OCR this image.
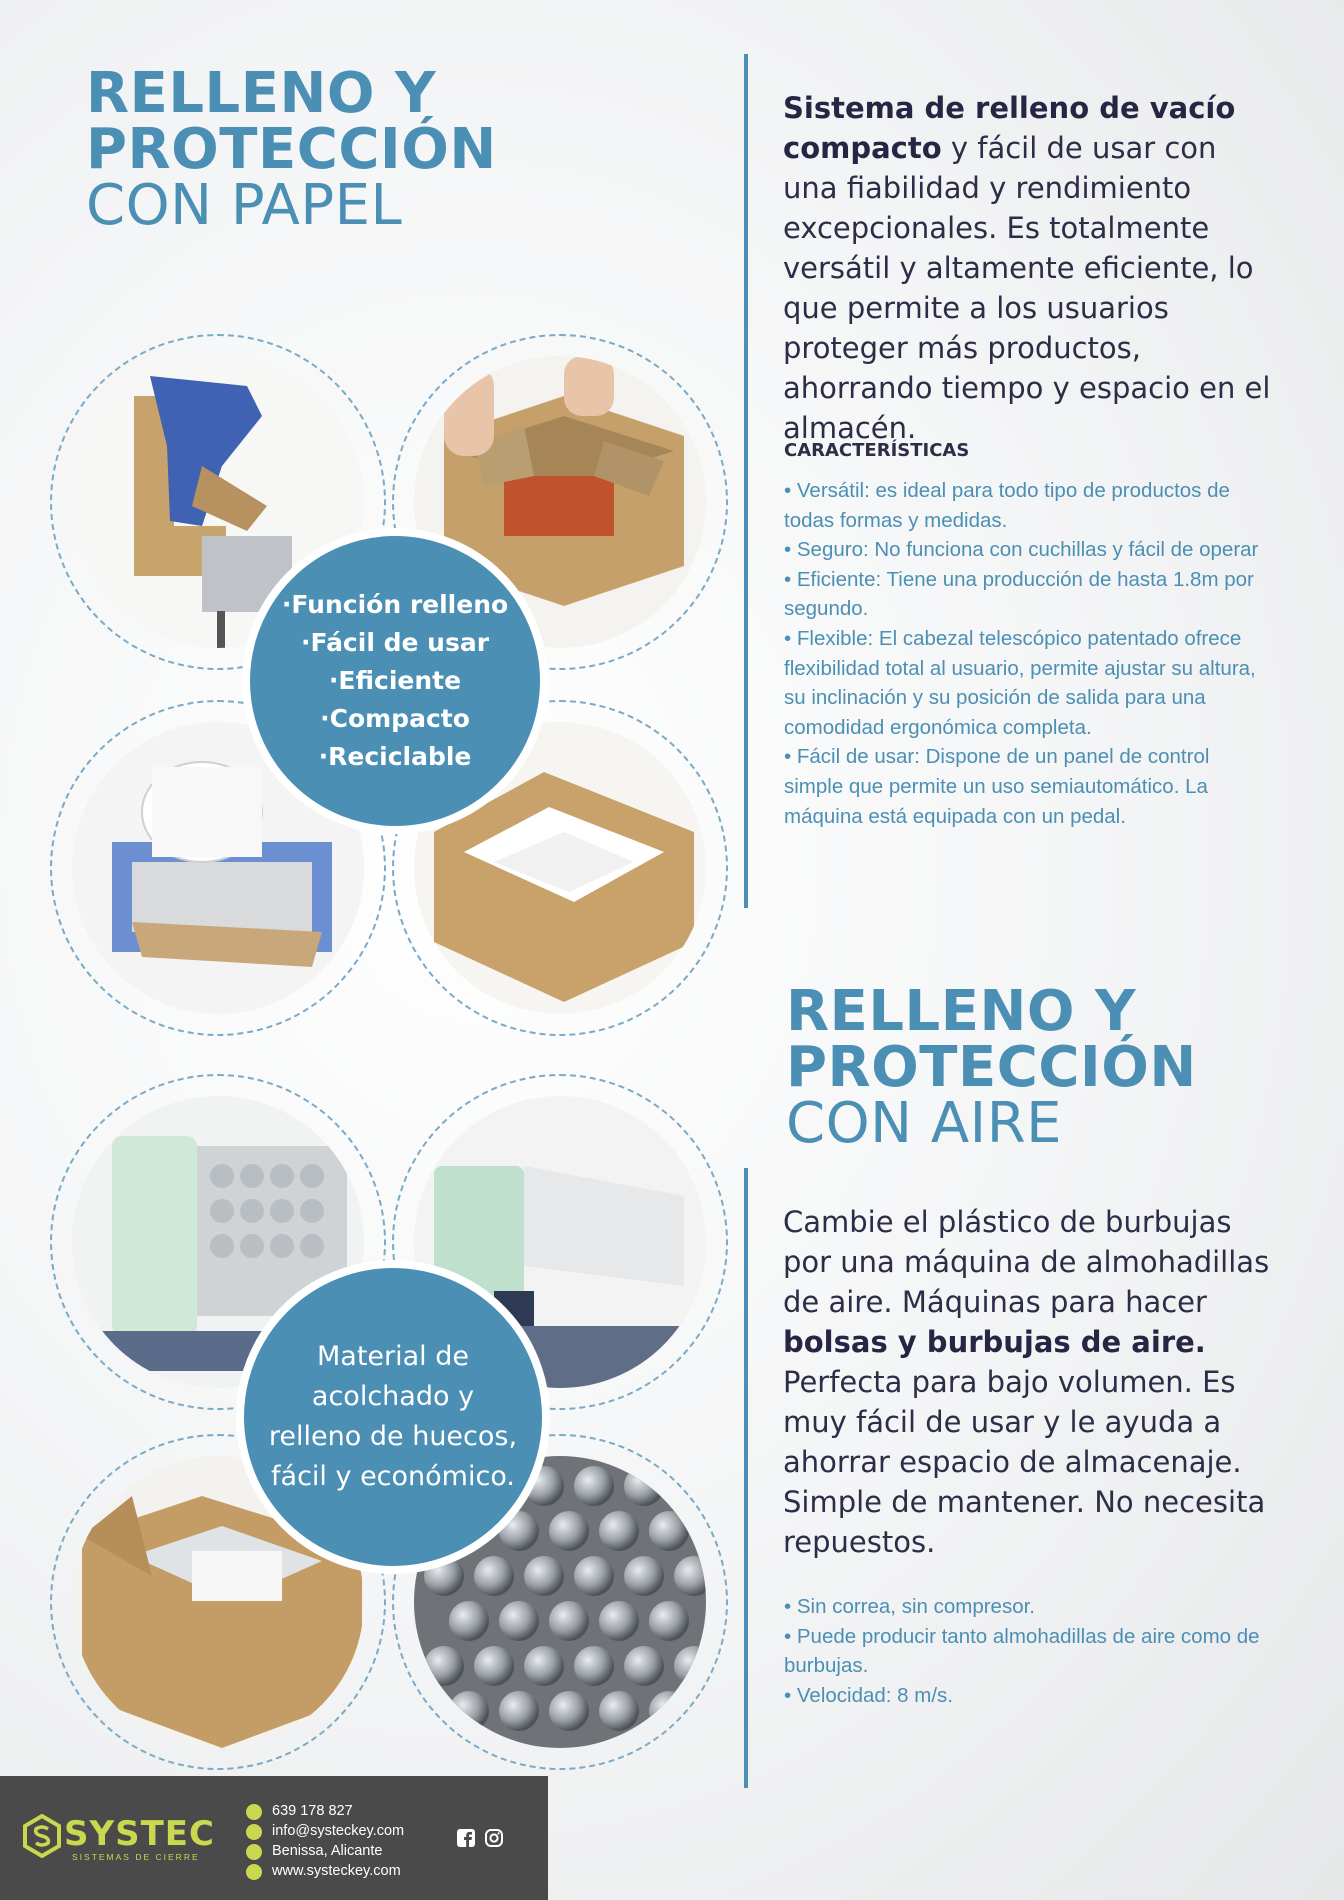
RELLENO Y
PROTECCIÓN
CON PAPEL
RELLENO Y
PROTECCIÓN
CON AIRE

Sistema de relleno de vacío compacto y fácil de usar con una fiabilidad y rendimiento excepcionales. Es totalmente versátil y altamente eficiente, lo que permite a los usuarios proteger más productos, ahorrando tiempo y espacio en el almacén.

CARACTERÍSTICAS
• Versátil: es ideal para todo tipo de productos de todas formas y medidas.
• Seguro: No funciona con cuchillas y fácil de operar
• Eficiente: Tiene una producción de hasta 1.8m por segundo.
• Flexible: El cabezal telescópico patentado ofrece flexibilidad total al usuario, permite ajustar su altura, su inclinación y su posición de salida para una comodidad ergonómica completa.
• Fácil de usar: Dispone de un panel de control simple que permite un uso semiautomático. La máquina está equipada con un pedal.

Cambie el plástico de burbujas por una máquina de almohadillas de aire. Máquinas para hacer bolsas y burbujas de aire.
Perfecta para bajo volumen. Es muy fácil de usar y le ayuda a ahorrar espacio de almacenaje. Simple de mantener. No necesita repuestos.

• Sin correa, sin compresor.
• Puede producir tanto almohadillas de aire como de burbujas.
• Velocidad: 8 m/s.
·Función relleno
·Fácil de usar
·Eficiente
·Compacto
·Reciclable
Material de acolchado y relleno de huecos, fácil y económico.
SYSTEC
SISTEMAS DE CIERRE
639 178 827
info@systeckey.com
Benissa, Alicante
www.systeckey.com
